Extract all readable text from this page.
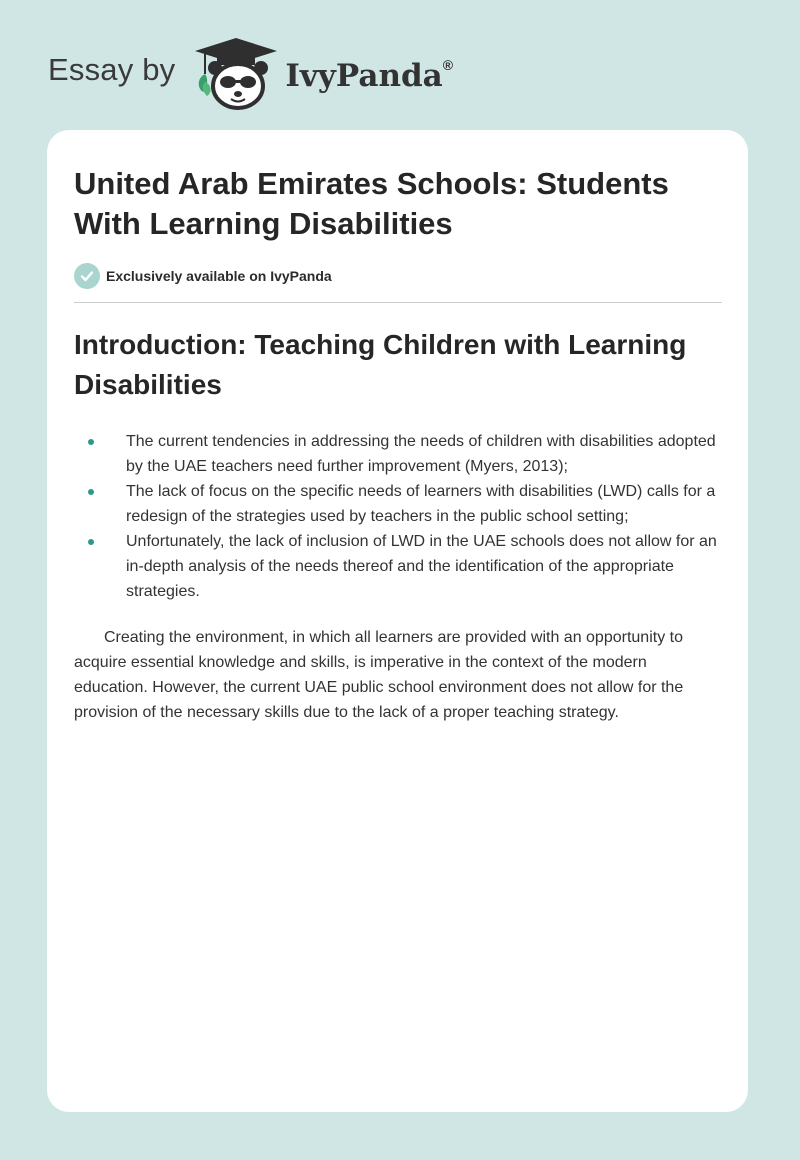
Essay by	IvyPanda®
United Arab Emirates Schools: Students With Learning Disabilities
Exclusively available on IvyPanda
Introduction: Teaching Children with Learning Disabilities
The current tendencies in addressing the needs of children with disabilities adopted by the UAE teachers need further improvement (Myers, 2013);
The lack of focus on the specific needs of learners with disabilities (LWD) calls for a redesign of the strategies used by teachers in the public school setting;
Unfortunately, the lack of inclusion of LWD in the UAE schools does not allow for an in-depth analysis of the needs thereof and the identification of the appropriate strategies.

Creating the environment, in which all learners are provided with an opportunity to acquire essential knowledge and skills, is imperative in the context of the modern education. However, the current UAE public school environment does not allow for the provision of the necessary skills due to the lack of a proper teaching strategy.
